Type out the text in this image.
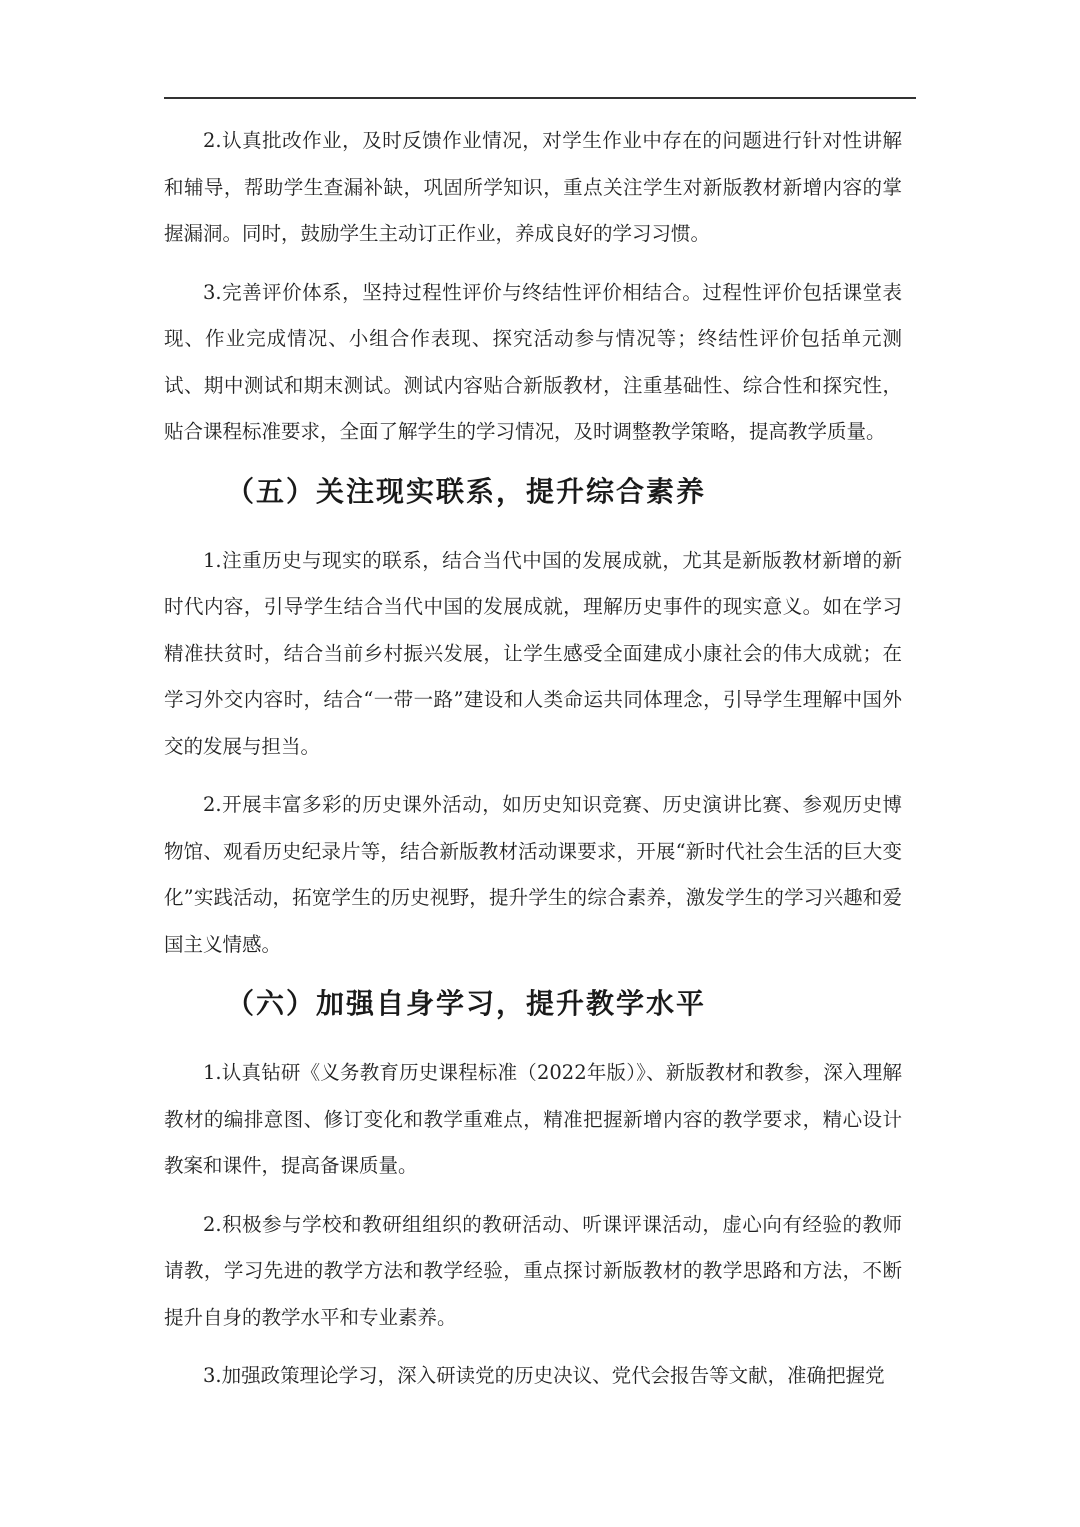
2.认真批改作业，及时反馈作业情况，对学生作业中存在的问题进行针对性讲解和辅导，帮助学生查漏补缺，巩固所学知识，重点关注学生对新版教材新增内容的掌握漏洞。同时，鼓励学生主动订正作业，养成良好的学习习惯。

3.完善评价体系，坚持过程性评价与终结性评价相结合。过程性评价包括课堂表现、作业完成情况、小组合作表现、探究活动参与情况等；终结性评价包括单元测试、期中测试和期末测试。测试内容贴合新版教材，注重基础性、综合性和探究性，贴合课程标准要求，全面了解学生的学习情况，及时调整教学策略，提高教学质量。

（五）关注现实联系，提升综合素养

1.注重历史与现实的联系，结合当代中国的发展成就，尤其是新版教材新增的新时代内容，引导学生结合当代中国的发展成就，理解历史事件的现实意义。如在学习精准扶贫时，结合当前乡村振兴发展，让学生感受全面建成小康社会的伟大成就；在学习外交内容时，结合“一带一路”建设和人类命运共同体理念，引导学生理解中国外交的发展与担当。

2.开展丰富多彩的历史课外活动，如历史知识竞赛、历史演讲比赛、参观历史博物馆、观看历史纪录片等，结合新版教材活动课要求，开展“新时代社会生活的巨大变化”实践活动，拓宽学生的历史视野，提升学生的综合素养，激发学生的学习兴趣和爱国主义情感。

（六）加强自身学习，提升教学水平

1.认真钻研《义务教育历史课程标准（2022年版）》、新版教材和教参，深入理解教材的编排意图、修订变化和教学重难点，精准把握新增内容的教学要求，精心设计教案和课件，提高备课质量。

2.积极参与学校和教研组组织的教研活动、听课评课活动，虚心向有经验的教师请教，学习先进的教学方法和教学经验，重点探讨新版教材的教学思路和方法，不断提升自身的教学水平和专业素养。

3.加强政策理论学习，深入研读党的历史决议、党代会报告等文献，准确把握党
